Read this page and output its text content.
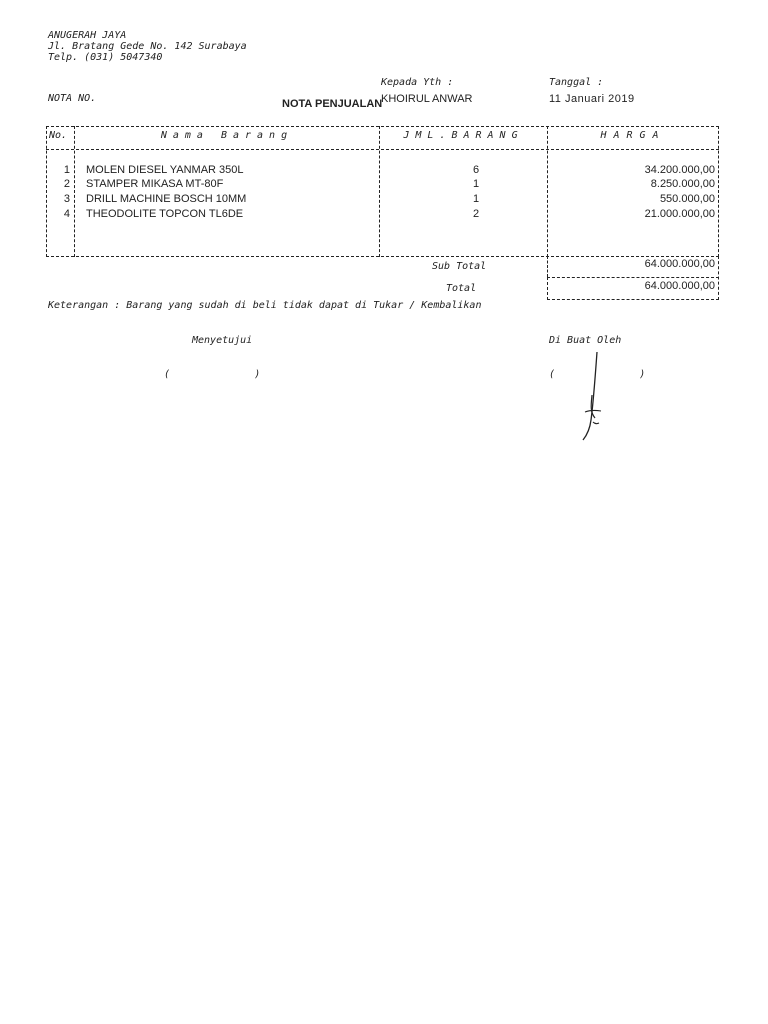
ANUGERAH JAYA
Jl. Bratang Gede No. 142 Surabaya
Telp. (031) 5047340
NOTA NO.	NOTA PENJUALAN
Kepada Yth :
KHOIRUL ANWAR
Tanggal :
11 Januari 2019
No.	Nama Barang	JML.BARANG	HARGA
1 MOLEN DIESEL YANMAR 350L	6	34.200.000,00
2 STAMPER MIKASA MT-80F	1	8.250.000,00
3 DRILL MACHINE BOSCH 10MM	1	550.000,00
4 THEODOLITE TOPCON TL6DE	2	21.000.000,00
Sub Total	64.000.000,00
Total	64.000.000,00
Keterangan : Barang yang sudah di beli tidak dapat di Tukar / Kembalikan
Menyetujui
(              )
Di Buat Oleh
(              )
